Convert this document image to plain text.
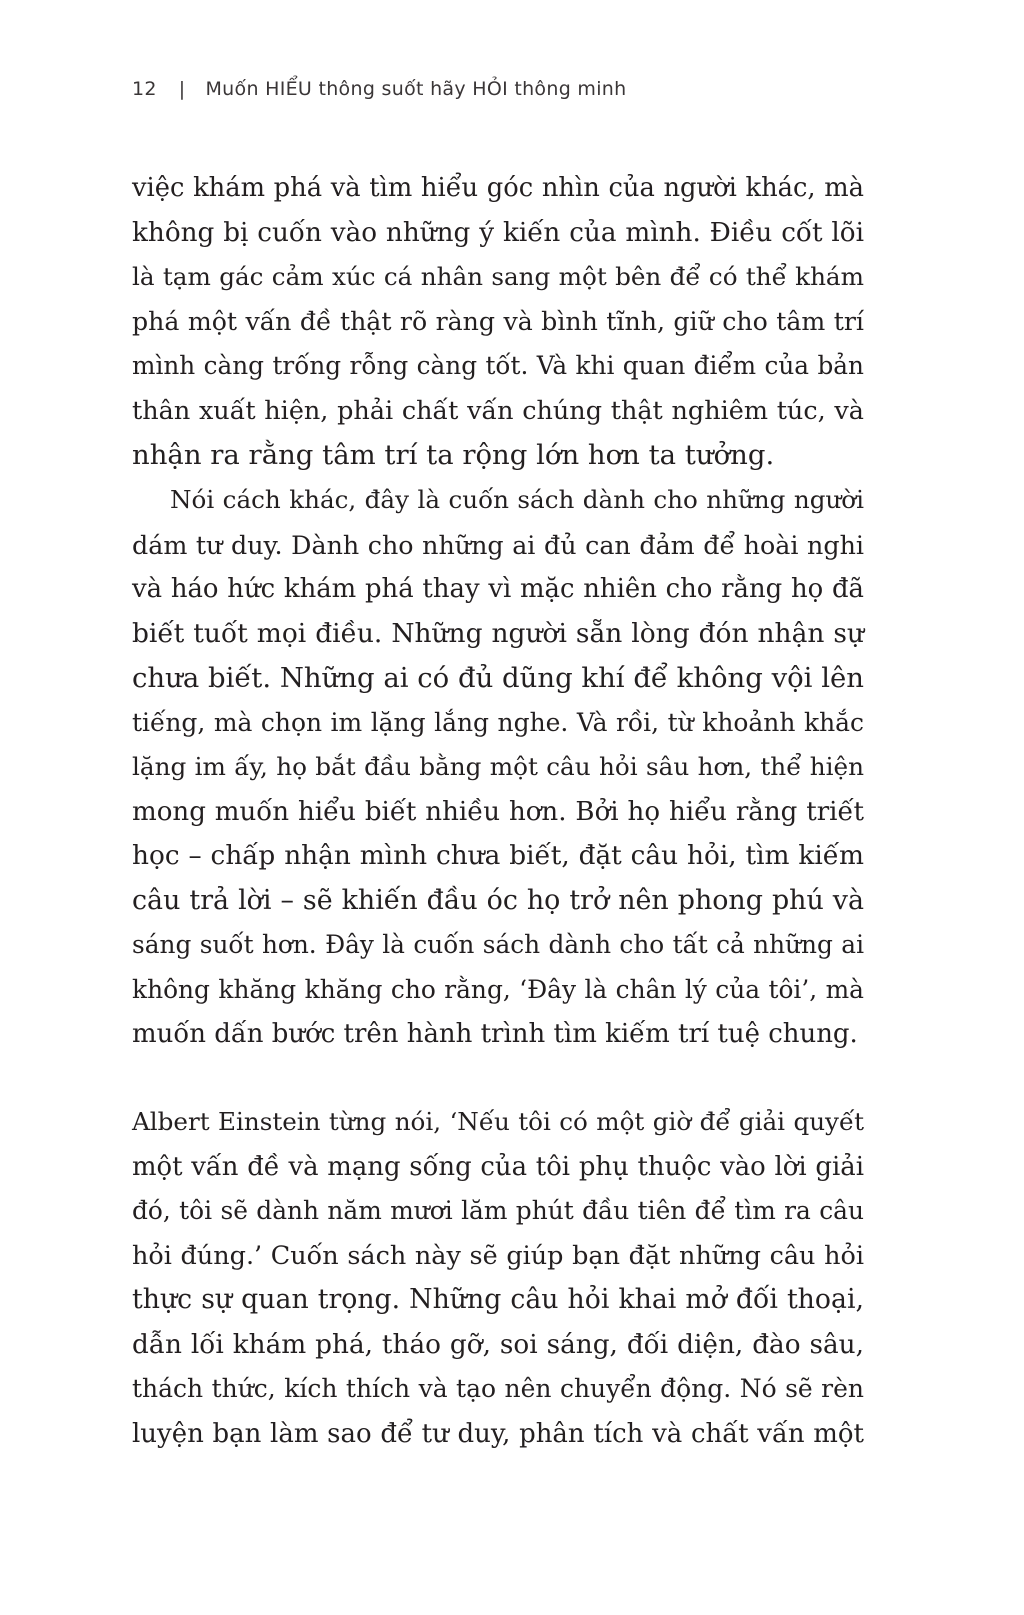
12 | Muốn HIỂU thông suốt hãy HỎI thông minh
việc khám phá và tìm hiểu góc nhìn của người khác, mà
không bị cuốn vào những ý kiến của mình. Điều cốt lõi
là tạm gác cảm xúc cá nhân sang một bên để có thể khám
phá một vấn đề thật rõ ràng và bình tĩnh, giữ cho tâm trí
mình càng trống rỗng càng tốt. Và khi quan điểm của bản
thân xuất hiện, phải chất vấn chúng thật nghiêm túc, và
nhận ra rằng tâm trí ta rộng lớn hơn ta tưởng.
Nói cách khác, đây là cuốn sách dành cho những người
dám tư duy. Dành cho những ai đủ can đảm để hoài nghi
và háo hức khám phá thay vì mặc nhiên cho rằng họ đã
biết tuốt mọi điều. Những người sẵn lòng đón nhận sự
chưa biết. Những ai có đủ dũng khí để không vội lên
tiếng, mà chọn im lặng lắng nghe. Và rồi, từ khoảnh khắc
lặng im ấy, họ bắt đầu bằng một câu hỏi sâu hơn, thể hiện
mong muốn hiểu biết nhiều hơn. Bởi họ hiểu rằng triết
học – chấp nhận mình chưa biết, đặt câu hỏi, tìm kiếm
câu trả lời – sẽ khiến đầu óc họ trở nên phong phú và
sáng suốt hơn. Đây là cuốn sách dành cho tất cả những ai
không khăng khăng cho rằng, ‘Đây là chân lý của tôi’, mà
muốn dấn bước trên hành trình tìm kiếm trí tuệ chung.
Albert Einstein từng nói, ‘Nếu tôi có một giờ để giải quyết
một vấn đề và mạng sống của tôi phụ thuộc vào lời giải
đó, tôi sẽ dành năm mươi lăm phút đầu tiên để tìm ra câu
hỏi đúng.’ Cuốn sách này sẽ giúp bạn đặt những câu hỏi
thực sự quan trọng. Những câu hỏi khai mở đối thoại,
dẫn lối khám phá, tháo gỡ, soi sáng, đối diện, đào sâu,
thách thức, kích thích và tạo nên chuyển động. Nó sẽ rèn
luyện bạn làm sao để tư duy, phân tích và chất vấn một
